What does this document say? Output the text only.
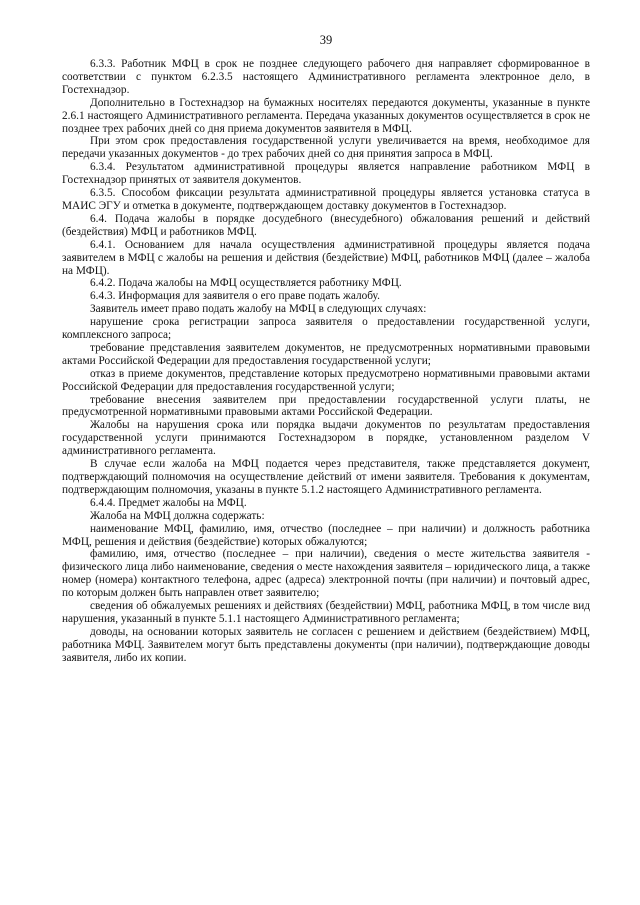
39

6.3.3. Работник МФЦ в срок не позднее следующего рабочего дня направляет сформированное в соответствии с пунктом 6.2.3.5 настоящего Административного регламента электронное дело, в Гостехнадзор.

Дополнительно в Гостехнадзор на бумажных носителях передаются документы, указанные в пункте 2.6.1 настоящего Административного регламента. Передача указанных документов осуществляется в срок не позднее трех рабочих дней со дня приема документов заявителя в МФЦ.

При этом срок предоставления государственной услуги увеличивается на время, необходимое для передачи указанных документов - до трех рабочих дней со дня принятия запроса в МФЦ.

6.3.4. Результатом административной процедуры является направление работником МФЦ в Гостехнадзор принятых от заявителя документов.

6.3.5. Способом фиксации результата административной процедуры является установка статуса в МАИС ЭГУ и отметка в документе, подтверждающем доставку документов в Гостехнадзор.

6.4. Подача жалобы в порядке досудебного (внесудебного) обжалования решений и действий (бездействия) МФЦ и работников МФЦ.

6.4.1. Основанием для начала осуществления административной процедуры является подача заявителем в МФЦ с жалобы на решения и действия (бездействие) МФЦ, работников МФЦ (далее – жалоба на МФЦ).

6.4.2. Подача жалобы на МФЦ осуществляется работнику МФЦ.

6.4.3. Информация для заявителя о его праве подать жалобу.

Заявитель имеет право подать жалобу на МФЦ в следующих случаях:

нарушение срока регистрации запроса заявителя о предоставлении государственной услуги, комплексного запроса;

требование представления заявителем документов, не предусмотренных нормативными правовыми актами Российской Федерации для предоставления государственной услуги;

отказ в приеме документов, представление которых предусмотрено нормативными правовыми актами Российской Федерации для предоставления государственной услуги;

требование внесения заявителем при предоставлении государственной услуги платы, не предусмотренной нормативными правовыми актами Российской Федерации.

Жалобы на нарушения срока или порядка выдачи документов по результатам предоставления государственной услуги принимаются Гостехнадзором в порядке, установленном разделом V административного регламента.

В случае если жалоба на МФЦ подается через представителя, также представляется документ, подтверждающий полномочия на осуществление действий от имени заявителя. Требования к документам, подтверждающим полномочия, указаны в пункте 5.1.2 настоящего Административного регламента.

6.4.4. Предмет жалобы на МФЦ.

Жалоба на МФЦ должна содержать:

наименование МФЦ, фамилию, имя, отчество (последнее – при наличии) и должность работника МФЦ, решения и действия (бездействие) которых обжалуются;

фамилию, имя, отчество (последнее – при наличии), сведения о месте жительства заявителя - физического лица либо наименование, сведения о месте нахождения заявителя – юридического лица, а также номер (номера) контактного телефона, адрес (адреса) электронной почты (при наличии) и почтовый адрес, по которым должен быть направлен ответ заявителю;

сведения об обжалуемых решениях и действиях (бездействии) МФЦ, работника МФЦ, в том числе вид нарушения, указанный в пункте 5.1.1 настоящего Административного регламента;

доводы, на основании которых заявитель не согласен с решением и действием (бездействием) МФЦ, работника МФЦ. Заявителем могут быть представлены документы (при наличии), подтверждающие доводы заявителя, либо их копии.
